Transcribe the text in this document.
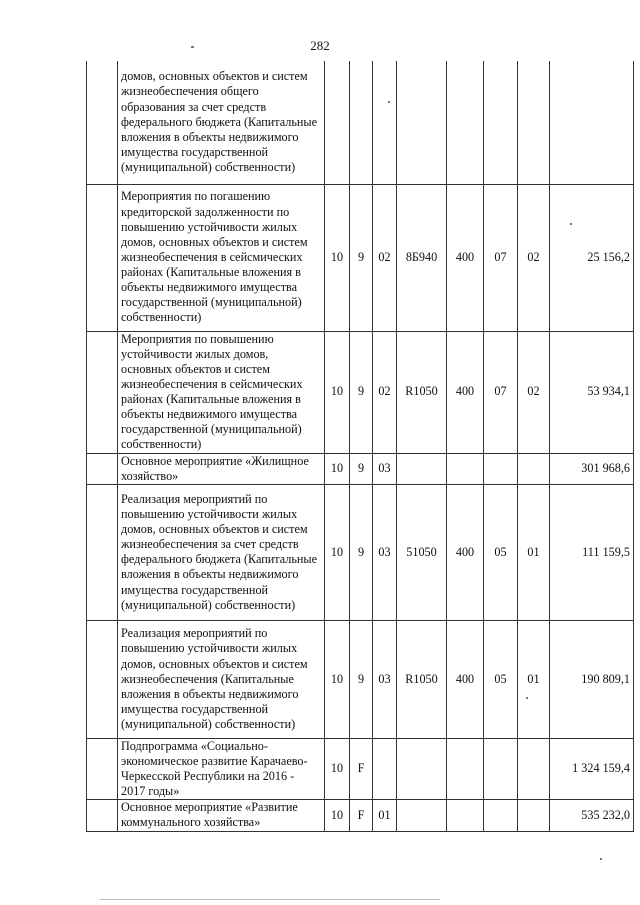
282
	домов, основных объектов и систем жизнеобеспечения общего образования за счет средств федерального бюджета (Капитальные вложения в объекты недвижимого имущества государственной (муниципальной) собственности)								
	Мероприятия по погашению кредиторской задолженности по повышению устойчивости жилых домов, основных объектов и систем жизнеобеспечения в сейсмических районах (Капитальные вложения в объекты недвижимого имущества государственной (муниципальной) собственности)	10	9	02	8Б940	400	07	02	25 156,2
	Мероприятия по повышению устойчивости жилых домов, основных объектов и систем жизнеобеспечения в сейсмических районах (Капитальные вложения в объекты недвижимого имущества государственной (муниципальной) собственности)	10	9	02	R1050	400	07	02	53 934,1
	Основное мероприятие «Жилищное хозяйство»	10	9	03					301 968,6
	Реализация мероприятий по повышению устойчивости жилых домов, основных объектов и систем жизнеобеспечения за счет средств федерального бюджета (Капитальные вложения в объекты недвижимого имущества государственной (муниципальной) собственности)	10	9	03	51050	400	05	01	111 159,5
	Реализация мероприятий по повышению устойчивости жилых домов, основных объектов и систем жизнеобеспечения (Капитальные вложения в объекты недвижимого имущества государственной (муниципальной) собственности)	10	9	03	R1050	400	05	01	190 809,1
	Подпрограмма «Социально-экономическое развитие Карачаево-Черкесской Республики на 2016 - 2017 годы»	10	F						1 324 159,4
	Основное мероприятие «Развитие коммунального хозяйства»	10	F	01					535 232,0
